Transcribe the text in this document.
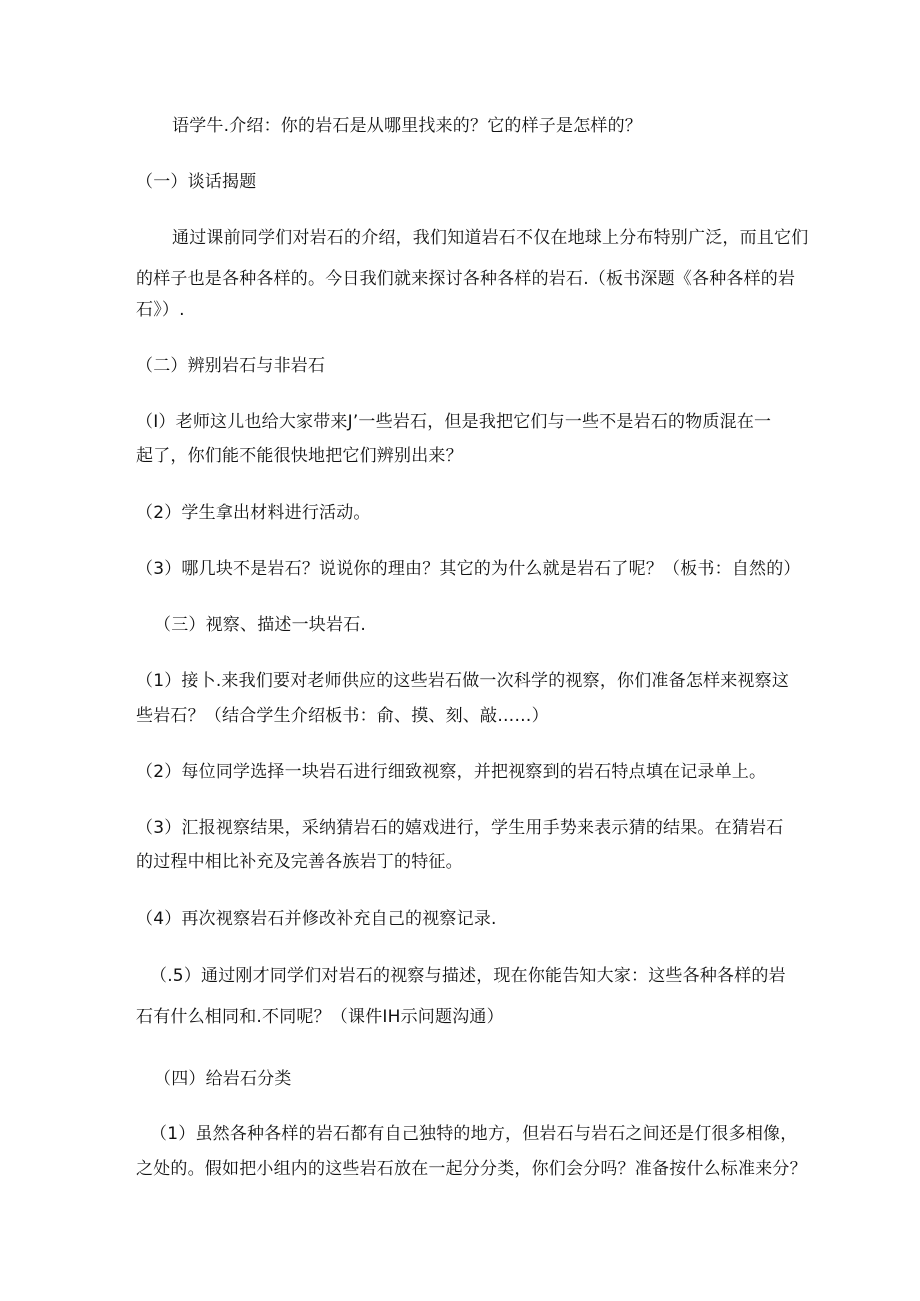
语学牛.介绍：你的岩石是从哪里找来的？它的样子是怎样的？
（一）谈话揭题
通过课前同学们对岩石的介绍，我们知道岩石不仅在地球上分布特别广泛，而且它们
的样子也是各种各样的。今日我们就来探讨各种各样的岩石.（板书深题《各种各样的岩
石》）.
（二）辨别岩石与非岩石
（I）老师这儿也给大家带来J’一些岩石，但是我把它们与一些不是岩石的物质混在一
起了，你们能不能很快地把它们辨别出来？
（2）学生拿出材料进行活动。
（3）哪几块不是岩石？说说你的理由？其它的为什么就是岩石了呢？（板书：自然的）
（三）视察、描述一块岩石.
（1）接卜.来我们要对老师供应的这些岩石做一次科学的视察，你们准备怎样来视察这
些岩石？（结合学生介绍板书：俞、摸、刻、敲……）
（2）每位同学选择一块岩石进行细致视察，并把视察到的岩石特点填在记录单上。
（3）汇报视察结果，采纳猜岩石的嬉戏进行，学生用手势来表示猜的结果。在猜岩石
的过程中相比补充及完善各族岩丁的特征。
（4）再次视察岩石并修改补充自己的视察记录.
（.5）通过刚才同学们对岩石的视察与描述，现在你能告知大家：这些各种各样的岩
石有什么相同和.不同呢？（课件IH示问题沟通）
（四）给岩石分类
（1）虽然各种各样的岩石都有自己独特的地方，但岩石与岩石之间还是仃很多相像，
之处的。假如把小组内的这些岩石放在一起分分类，你们会分吗？准备按什么标准来分？
